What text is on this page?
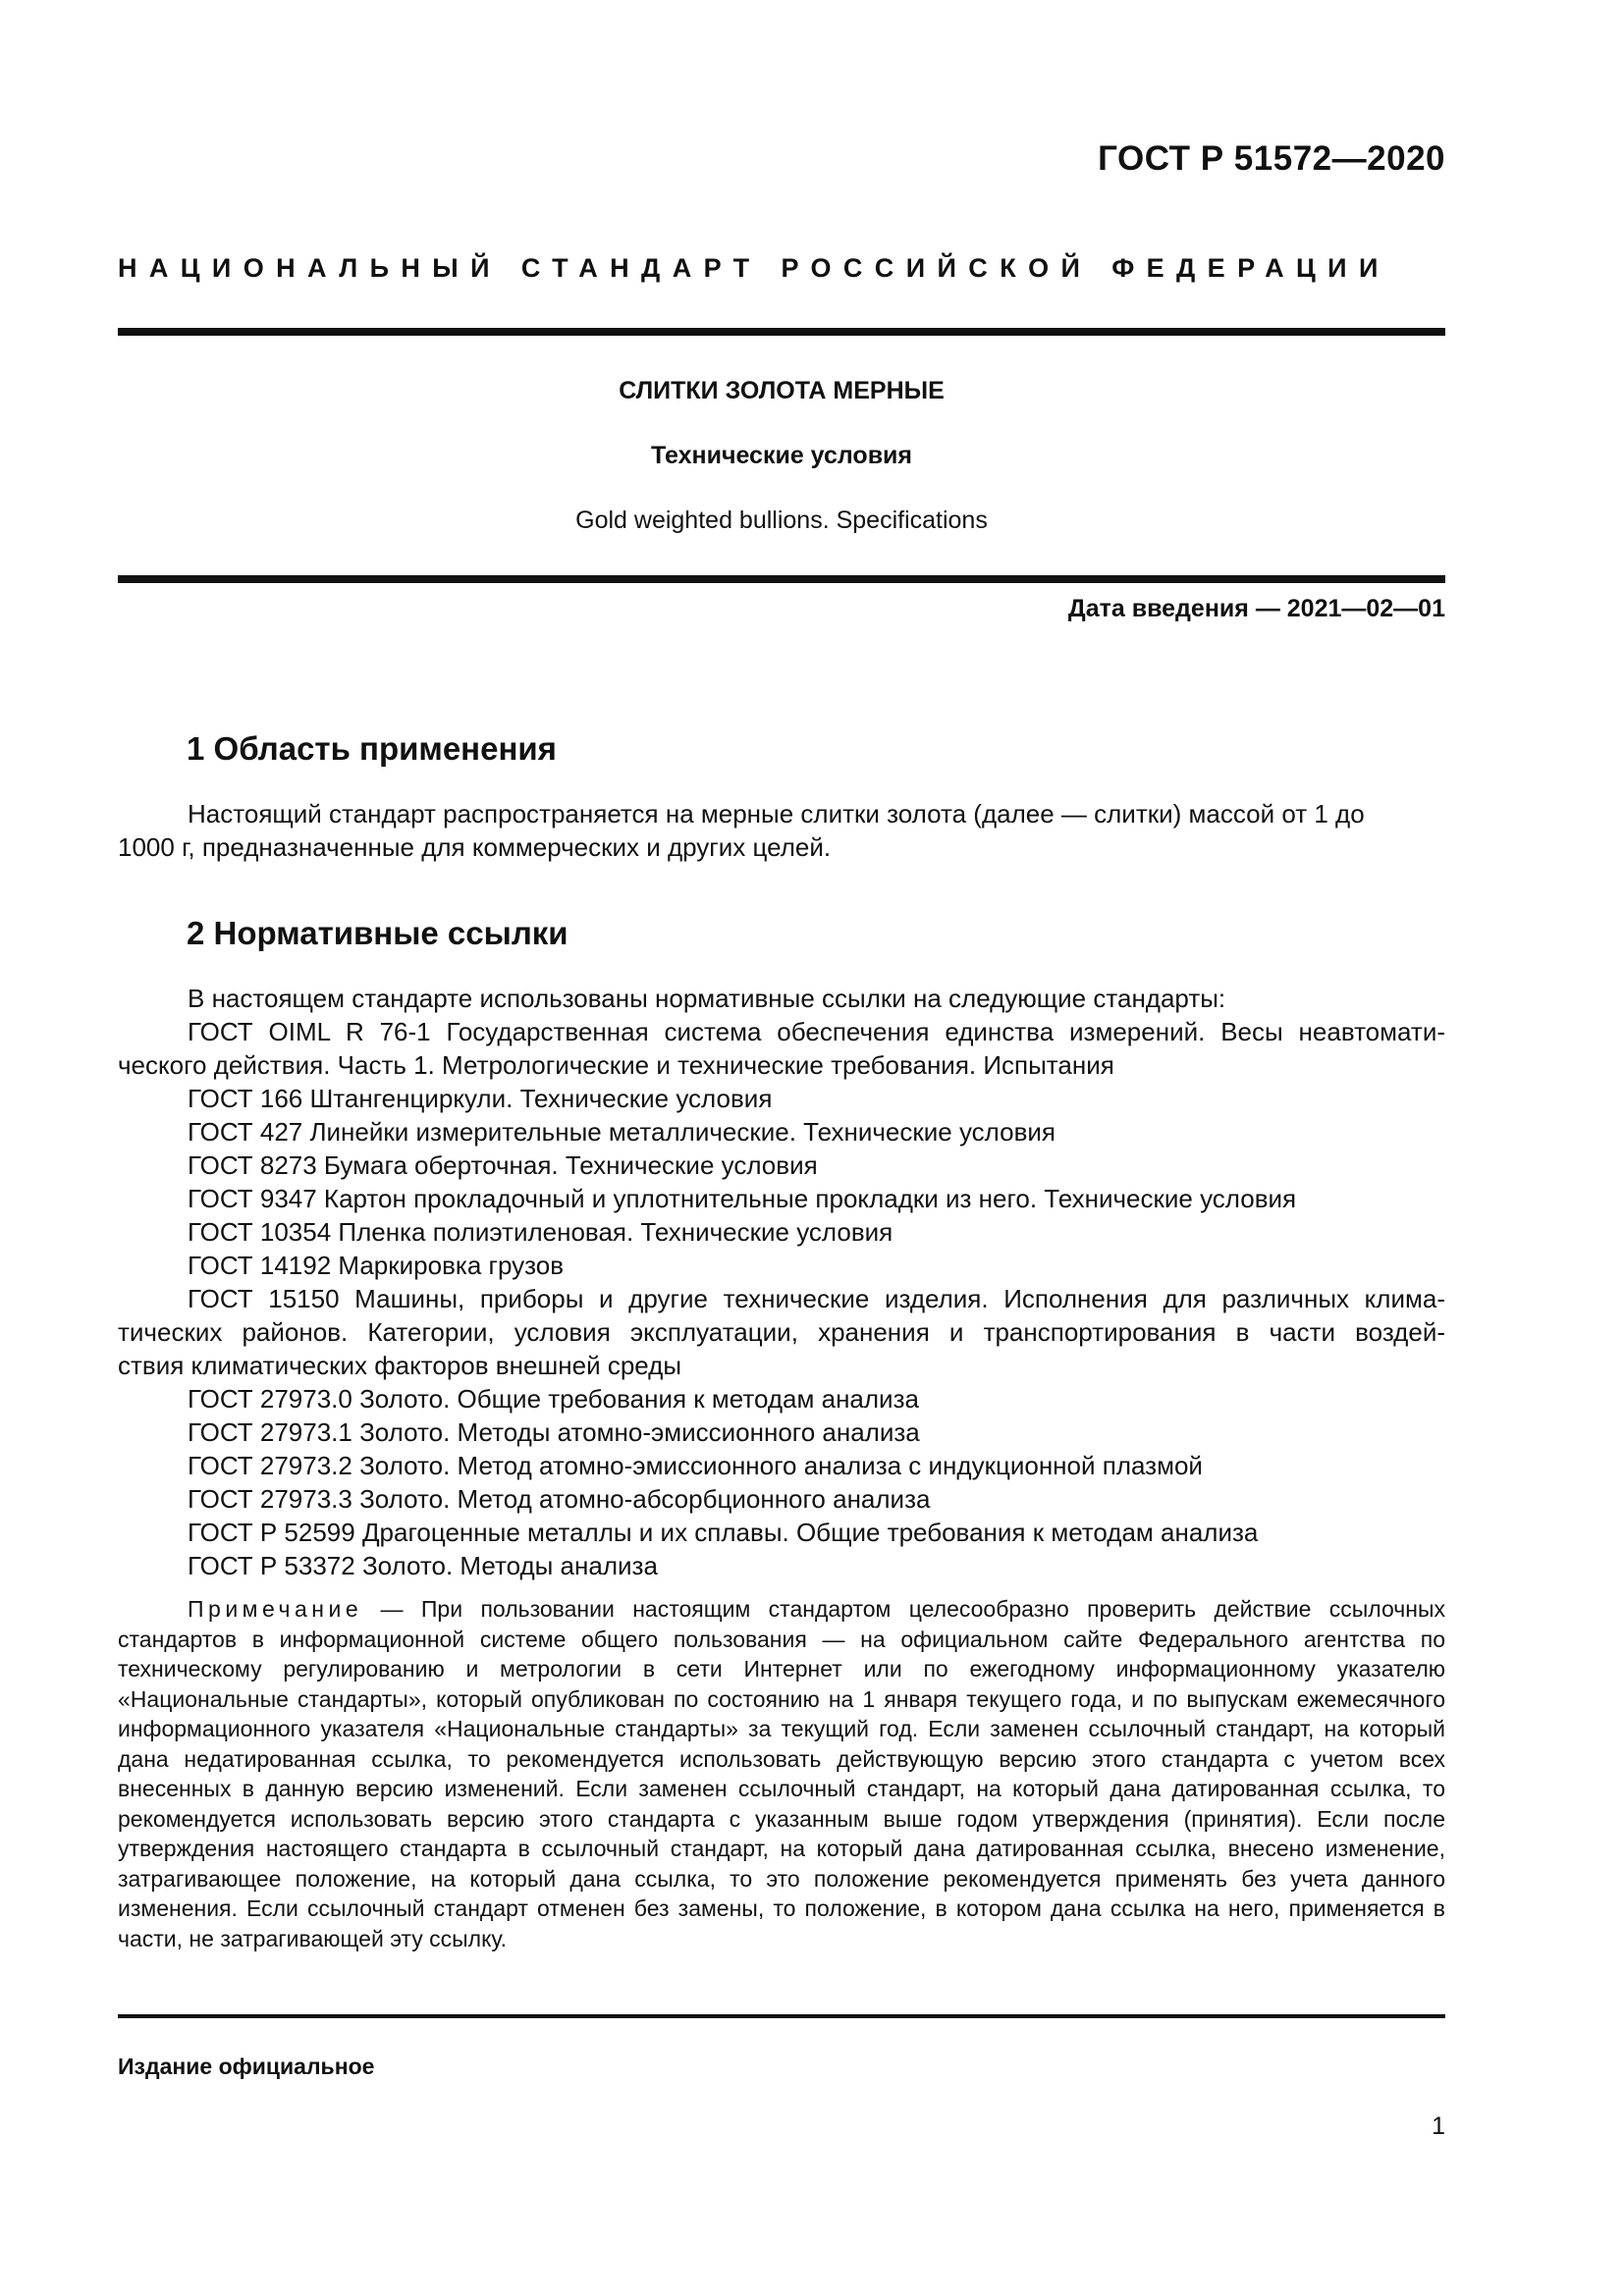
ГОСТ Р 51572—2020
НАЦИОНАЛЬНЫЙ СТАНДАРТ РОССИЙСКОЙ ФЕДЕРАЦИИ
СЛИТКИ ЗОЛОТА МЕРНЫЕ
Технические условия
Gold weighted bullions. Specifications
Дата введения — 2021—02—01
1 Область применения
Настоящий стандарт распространяется на мерные слитки золота (далее — слитки) массой от 1 до
1000 г, предназначенные для коммерческих и других целей.
2 Нормативные ссылки
В настоящем стандарте использованы нормативные ссылки на следующие стандарты:
ГОСТ OIML R 76-1 Государственная система обеспечения единства измерений. Весы неавтомати-
ческого действия. Часть 1. Метрологические и технические требования. Испытания
ГОСТ 166 Штангенциркули. Технические условия
ГОСТ 427 Линейки измерительные металлические. Технические условия
ГОСТ 8273 Бумага оберточная. Технические условия
ГОСТ 9347 Картон прокладочный и уплотнительные прокладки из него. Технические условия
ГОСТ 10354 Пленка полиэтиленовая. Технические условия
ГОСТ 14192 Маркировка грузов
ГОСТ 15150 Машины, приборы и другие технические изделия. Исполнения для различных клима-
тических районов. Категории, условия эксплуатации, хранения и транспортирования в части воздей-
ствия климатических факторов внешней среды
ГОСТ 27973.0 Золото. Общие требования к методам анализа
ГОСТ 27973.1 Золото. Методы атомно-эмиссионного анализа
ГОСТ 27973.2 Золото. Метод атомно-эмиссионного анализа с индукционной плазмой
ГОСТ 27973.3 Золото. Метод атомно-абсорбционного анализа
ГОСТ Р 52599 Драгоценные металлы и их сплавы. Общие требования к методам анализа
ГОСТ Р 53372 Золото. Методы анализа

Примечание — При пользовании настоящим стандартом целесообразно проверить действие ссылочных стандартов в информационной системе общего пользования — на официальном сайте Федерального агентства по техническому регулированию и метрологии в сети Интернет или по ежегодному информационному указателю «Национальные стандарты», который опубликован по состоянию на 1 января текущего года, и по выпускам ежемесячного информационного указателя «Национальные стандарты» за текущий год. Если заменен ссылочный стандарт, на который дана недатированная ссылка, то рекомендуется использовать действующую версию этого стандарта с учетом всех внесенных в данную версию изменений. Если заменен ссылочный стандарт, на который дана датированная ссылка, то рекомендуется использовать версию этого стандарта с указанным выше годом утверждения (принятия). Если после утверждения настоящего стандарта в ссылочный стандарт, на который дана датированная ссылка, внесено изменение, затрагивающее положение, на который дана ссылка, то это положение рекомендуется применять без учета данного изменения. Если ссылочный стандарт отменен без замены, то положение, в котором дана ссылка на него, применяется в части, не затрагивающей эту ссылку.

Издание официальное
1
